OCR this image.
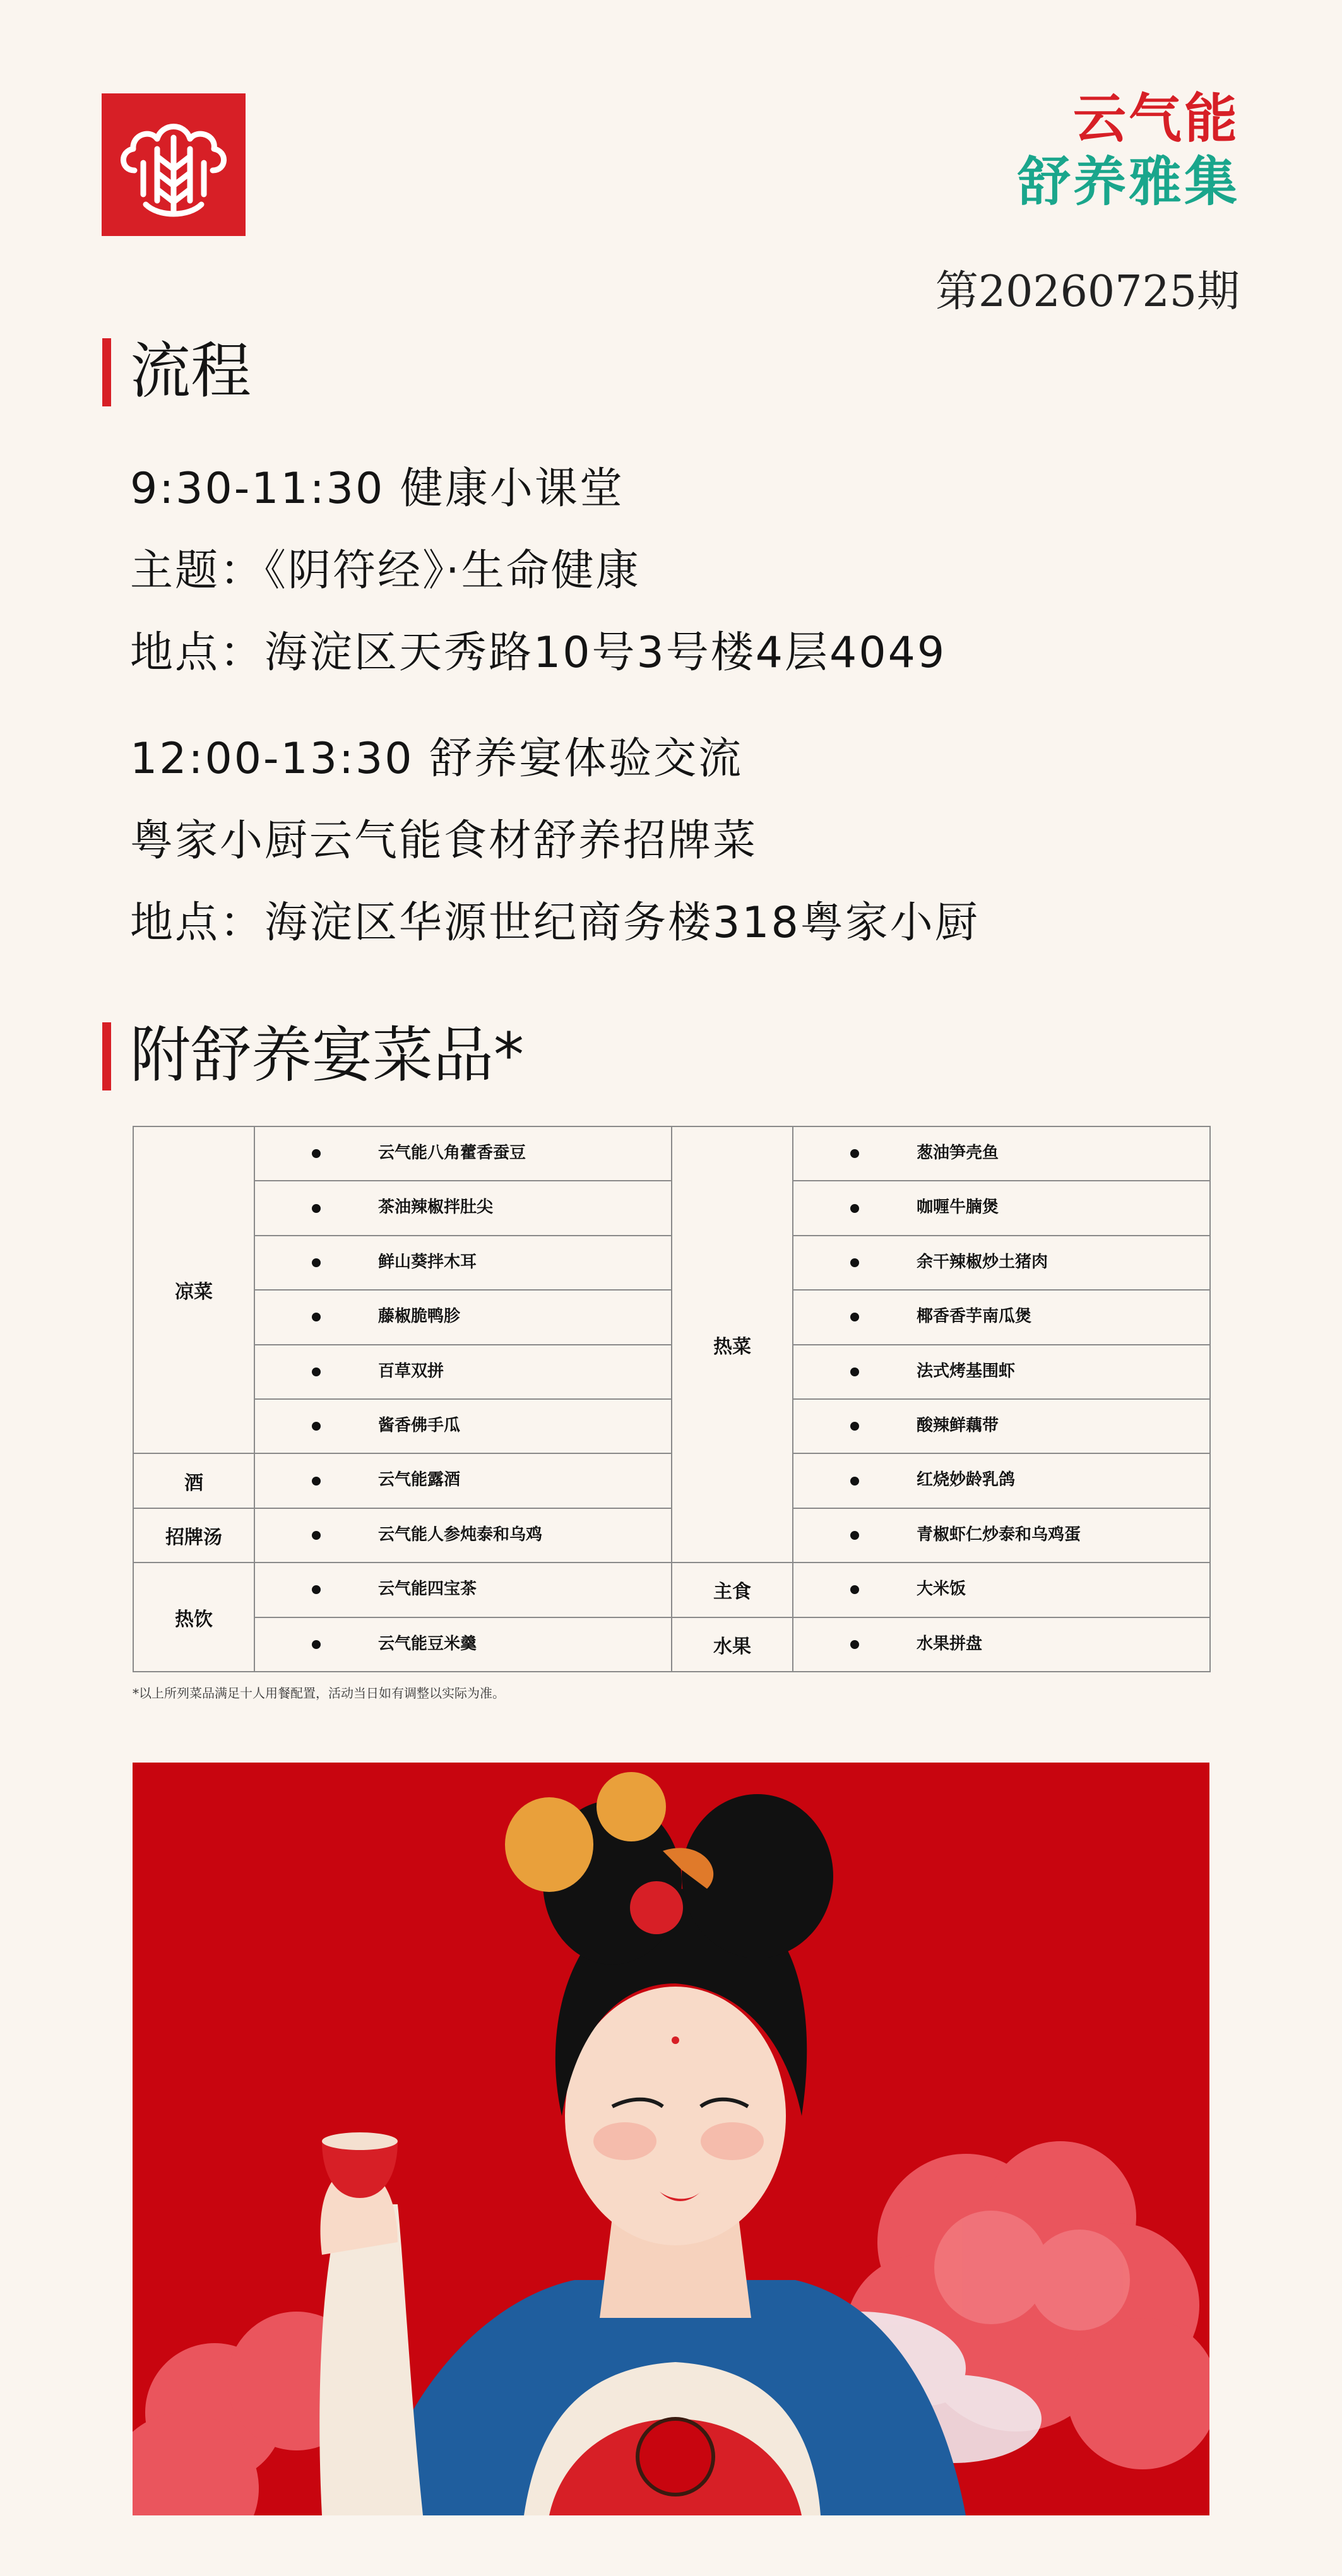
云气能
舒养雅集
第20260725期
流程
9:30-11:30 健康小课堂
主题：《阴符经》·生命健康
地点：海淀区天秀路10号3号楼4层4049
12:00-13:30 舒养宴体验交流
粤家小厨云气能食材舒养招牌菜
地点：海淀区华源世纪商务楼318粤家小厨
附舒养宴菜品*
凉菜	云气能八角藿香蚕豆	热菜	葱油笋壳鱼

	茶油辣椒拌肚尖		咖喱牛腩煲

	鲜山葵拌木耳		余干辣椒炒土猪肉

	藤椒脆鸭胗		椰香香芋南瓜煲

	百草双拼		法式烤基围虾

	酱香佛手瓜		酸辣鲜藕带

酒	云气能露酒		红烧妙龄乳鸽

招牌汤	云气能人参炖泰和乌鸡		青椒虾仁炒泰和乌鸡蛋

热饮	云气能四宝茶	主食	大米饭

	云气能豆米羹	水果	水果拼盘
*以上所列菜品满足十人用餐配置，活动当日如有调整以实际为准。
